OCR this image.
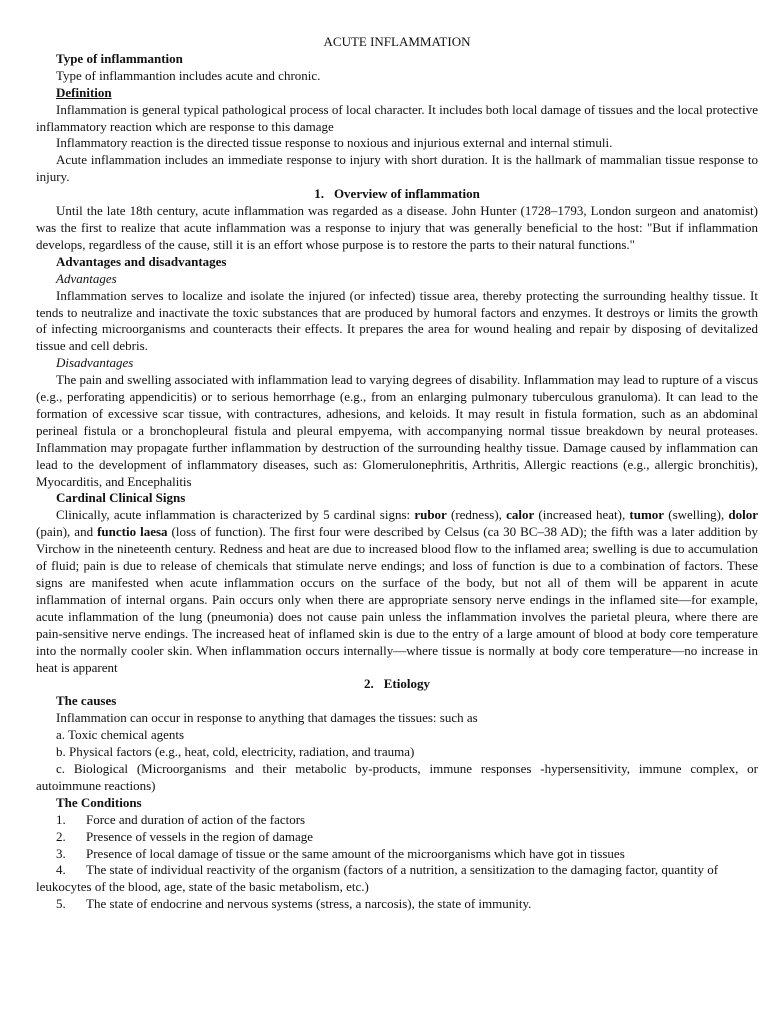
ACUTE INFLAMMATION

Type of inflammantion

Type of inflammantion includes acute and chronic.

Definition

Inflammation is general typical pathological process of local character. It includes both local damage of tissues and the local protective inflammatory reaction which are response to this damage

Inflammatory reaction is the directed tissue response to noxious and injurious external and internal stimuli.

Acute inflammation includes an immediate response to injury with short duration. It is the hallmark of mammalian tissue response to injury.

1. Overview of inflammation

Until the late 18th century, acute inflammation was regarded as a disease. John Hunter (1728–1793, London surgeon and anatomist) was the first to realize that acute inflammation was a response to injury that was generally beneficial to the host: "But if inflammation develops, regardless of the cause, still it is an effort whose purpose is to restore the parts to their natural functions."

Advantages and disadvantages

Advantages

Inflammation serves to localize and isolate the injured (or infected) tissue area, thereby protecting the surrounding healthy tissue. It tends to neutralize and inactivate the toxic substances that are produced by humoral factors and enzymes. It destroys or limits the growth of infecting microorganisms and counteracts their effects. It prepares the area for wound healing and repair by disposing of devitalized tissue and cell debris.

Disadvantages

The pain and swelling associated with inflammation lead to varying degrees of disability. Inflammation may lead to rupture of a viscus (e.g., perforating appendicitis) or to serious hemorrhage (e.g., from an enlarging pulmonary tuberculous granuloma). It can lead to the formation of excessive scar tissue, with contractures, adhesions, and keloids. It may result in fistula formation, such as an abdominal perineal fistula or a bronchopleural fistula and pleural empyema, with accompanying normal tissue breakdown by neural proteases. Inflammation may propagate further inflammation by destruction of the surrounding healthy tissue. Damage caused by inflammation can lead to the development of inflammatory diseases, such as: Glomerulonephritis, Arthritis, Allergic reactions (e.g., allergic bronchitis), Myocarditis, and Encephalitis

Cardinal Clinical Signs

Clinically, acute inflammation is characterized by 5 cardinal signs: rubor (redness), calor (increased heat), tumor (swelling), dolor (pain), and functio laesa (loss of function). The first four were described by Celsus (ca 30 BC–38 AD); the fifth was a later addition by Virchow in the nineteenth century. Redness and heat are due to increased blood flow to the inflamed area; swelling is due to accumulation of fluid; pain is due to release of chemicals that stimulate nerve endings; and loss of function is due to a combination of factors. These signs are manifested when acute inflammation occurs on the surface of the body, but not all of them will be apparent in acute inflammation of internal organs. Pain occurs only when there are appropriate sensory nerve endings in the inflamed site—for example, acute inflammation of the lung (pneumonia) does not cause pain unless the inflammation involves the parietal pleura, where there are pain-sensitive nerve endings. The increased heat of inflamed skin is due to the entry of a large amount of blood at body core temperature into the normally cooler skin. When inflammation occurs internally—where tissue is normally at body core temperature—no increase in heat is apparent

2. Etiology

The causes

Inflammation can occur in response to anything that damages the tissues: such as

a. Toxic chemical agents

b. Physical factors (e.g., heat, cold, electricity, radiation, and trauma)

c. Biological (Microorganisms and their metabolic by-products, immune responses -hypersensitivity, immune complex, or autoimmune reactions)

The Conditions

1.	Force and duration of action of the factors
2.	Presence of vessels in the region of damage
3.	Presence of local damage of tissue or the same amount of the microorganisms which have got in tissues

4. The state of individual reactivity of the organism (factors of a nutrition, a sensitization to the damaging factor, quantity of leukocytes of the blood, age, state of the basic metabolism, etc.)

5.	The state of endocrine and nervous systems (stress, a narcosis), the state of immunity.
